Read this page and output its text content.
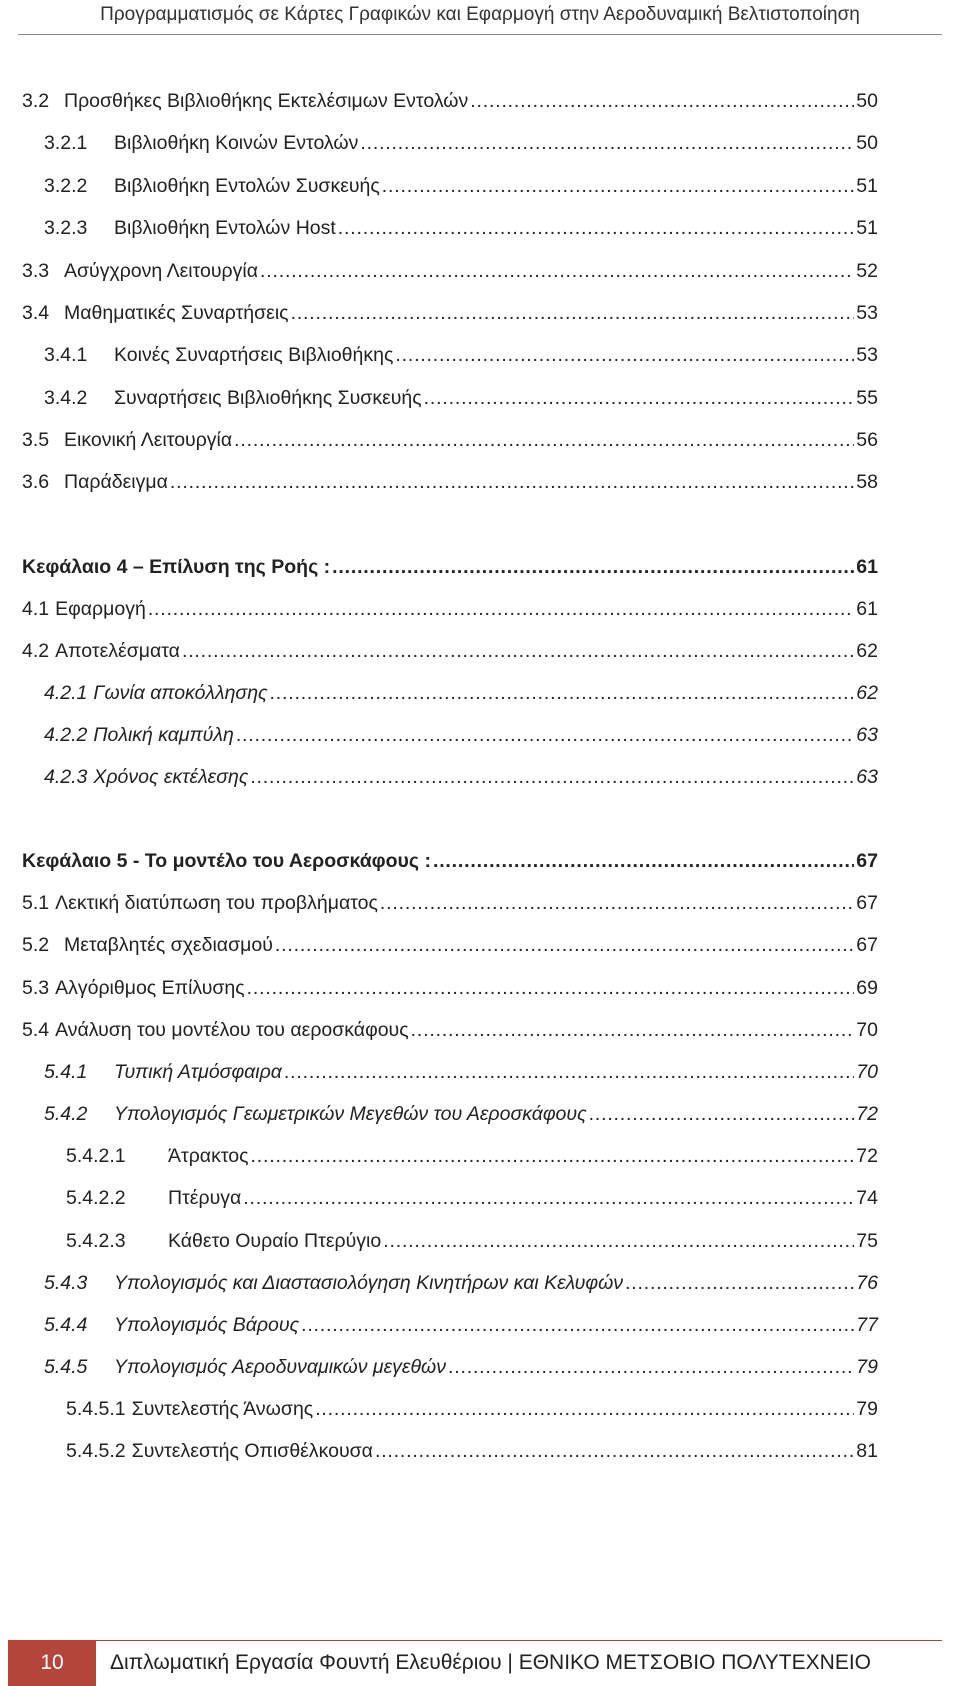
Προγραμματισμός σε Κάρτες Γραφικών και Εφαρμογή στην Αεροδυναμική Βελτιστοποίηση
3.2 Προσθήκες Βιβλιοθήκης Εκτελέσιμων Εντολών . . .	50
3.2.1	Βιβλιοθήκη Κοινών Εντολών . . .	50
3.2.2	Βιβλιοθήκη Εντολών Συσκευής . . .	51
3.2.3	Βιβλιοθήκη Εντολών Host . . .	51
3.3 Ασύγχρονη Λειτουργία . . .	52
3.4 Μαθηματικές Συναρτήσεις . . .	53
3.4.1	Κοινές Συναρτήσεις Βιβλιοθήκης . . .	53
3.4.2	Συναρτήσεις Βιβλιοθήκης Συσκευής . . .	55
3.5 Εικονική Λειτουργία . . .	56
3.6 Παράδειγμα . . .	58
Κεφάλαιο 4 – Επίλυση της Ροής : . . .	61
4.1 Εφαρμογή . . .	61
4.2 Αποτελέσματα . . .	62
4.2.1 Γωνία αποκόλλησης . . .	62
4.2.2 Πολική καμπύλη . . .	63
4.2.3 Χρόνος εκτέλεσης . . .	63
Κεφάλαιο 5 - Το μοντέλο του Αεροσκάφους : . . .	67
5.1 Λεκτική διατύπωση του προβλήματος . . .	67
5.2 Μεταβλητές σχεδιασμού . . .	67
5.3 Αλγόριθμος Επίλυσης . . .	69
5.4 Ανάλυση του μοντέλου του αεροσκάφους . . .	70
5.4.1	Τυπική Ατμόσφαιρα . . .	70
5.4.2	Υπολογισμός Γεωμετρικών Μεγεθών του Αεροσκάφους . . .	72
5.4.2.1	Άτρακτος . . .	72
5.4.2.2	Πτέρυγα . . .	74
5.4.2.3	Κάθετο Ουραίο Πτερύγιο . . .	75
5.4.3	Υπολογισμός και Διαστασιολόγηση Κινητήρων και Κελυφών . . .	76
5.4.4	Υπολογισμός Βάρους . . .	77
5.4.5	Υπολογισμός Αεροδυναμικών μεγεθών . . .	79
5.4.5.1 Συντελεστής Άνωσης . . .	79
5.4.5.2 Συντελεστής Οπισθέλκουσα . . .	81
10	Διπλωματική Εργασία Φουντή Ελευθέριου | ΕΘΝΙΚΟ ΜΕΤΣΟΒΙΟ ΠΟΛΥΤΕΧΝΕΙΟ
